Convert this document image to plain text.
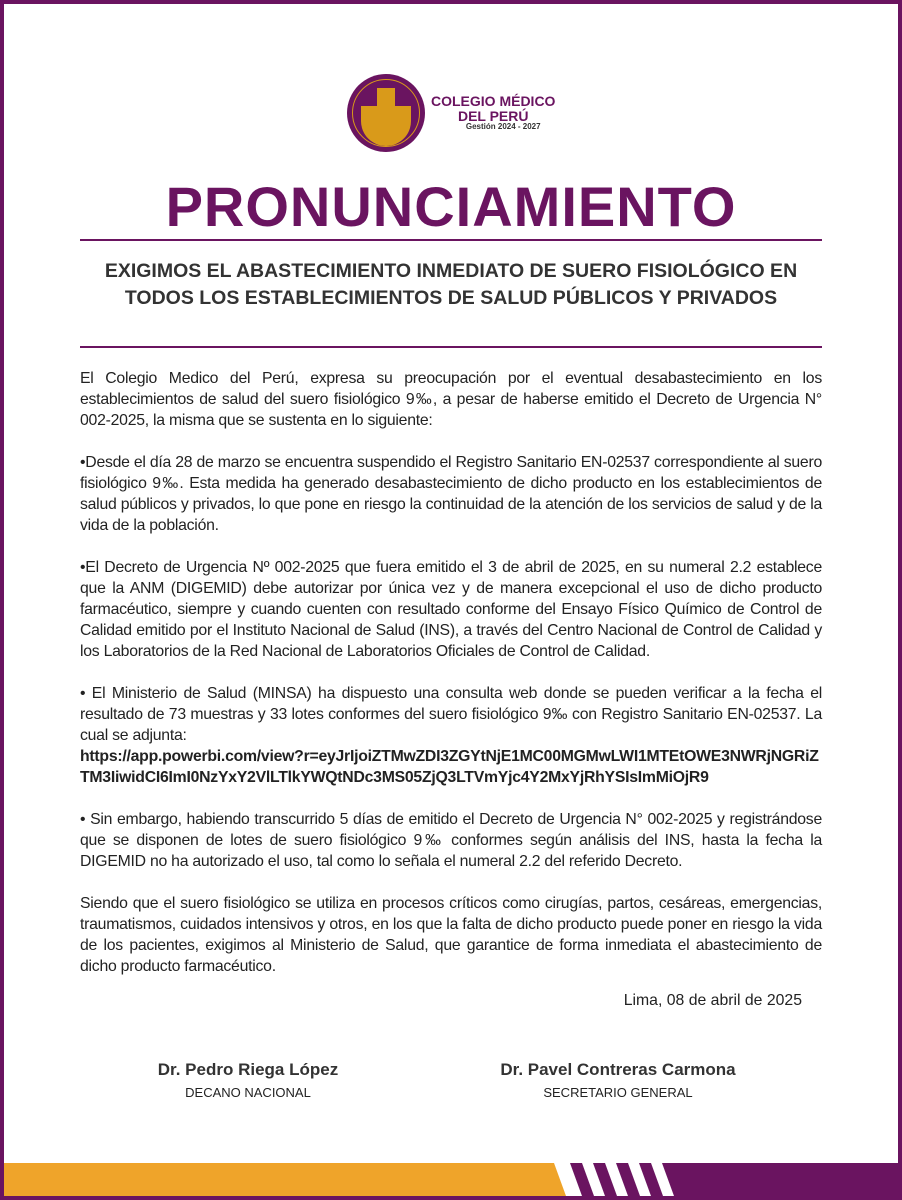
COLEGIO MÉDICO
DEL PERÚ
Gestión 2024 - 2027
PRONUNCIAMIENTO
EXIGIMOS EL ABASTECIMIENTO INMEDIATO DE SUERO FISIOLÓGICO EN TODOS LOS ESTABLECIMIENTOS DE SALUD PÚBLICOS Y PRIVADOS

El Colegio Medico del Perú, expresa su preocupación por el eventual desabastecimiento en los establecimientos de salud del suero fisiológico 9‰, a pesar de haberse emitido el Decreto de Urgencia N° 002-2025, la misma que se sustenta en lo siguiente:

•Desde el día 28 de marzo se encuentra suspendido el Registro Sanitario EN-02537 correspondiente al suero fisiológico 9‰. Esta medida ha generado desabastecimiento de dicho producto en los establecimientos de salud públicos y privados, lo que pone en riesgo la continuidad de la atención de los servicios de salud y de la vida de la población.

•El Decreto de Urgencia Nº 002-2025 que fuera emitido el 3 de abril de 2025, en su numeral 2.2 establece que la ANM (DIGEMID) debe autorizar por única vez y de manera excepcional el uso de dicho producto farmacéutico, siempre y cuando cuenten con resultado conforme del Ensayo Físico Químico de Control de Calidad emitido por el Instituto Nacional de Salud (INS), a través del Centro Nacional de Control de Calidad y los Laboratorios de la Red Nacional de Laboratorios Oficiales de Control de Calidad.

• El Ministerio de Salud (MINSA) ha dispuesto una consulta web donde se pueden verificar a la fecha el resultado de 73 muestras y 33 lotes conformes del suero fisiológico 9‰ con Registro Sanitario EN-02537. La cual se adjunta:

https://app.powerbi.com/view?r=eyJrIjoiZTMwZDI3ZGYtNjE1MC00MGMwLWI1MTEtOWE3NWRjNGRiZTM3IiwidCI6ImI0NzYxY2VlLTlkYWQtNDc3MS05ZjQ3LTVmYjc4Y2MxYjRhYSIsImMiOjR9

• Sin embargo, habiendo transcurrido 5 días de emitido el Decreto de Urgencia N° 002-2025 y registrándose que se disponen de lotes de suero fisiológico 9‰ conformes según análisis del INS, hasta la fecha la DIGEMID no ha autorizado el uso, tal como lo señala el numeral 2.2 del referido Decreto.

Siendo que el suero fisiológico se utiliza en procesos críticos como cirugías, partos, cesáreas, emergencias, traumatismos, cuidados intensivos y otros, en los que la falta de dicho producto puede poner en riesgo la vida de los pacientes, exigimos al Ministerio de Salud, que garantice de forma inmediata el abastecimiento de dicho producto farmacéutico.

Lima, 08 de abril de 2025
Dr. Pedro Riega López
DECANO NACIONAL
Dr. Pavel Contreras Carmona
SECRETARIO GENERAL
